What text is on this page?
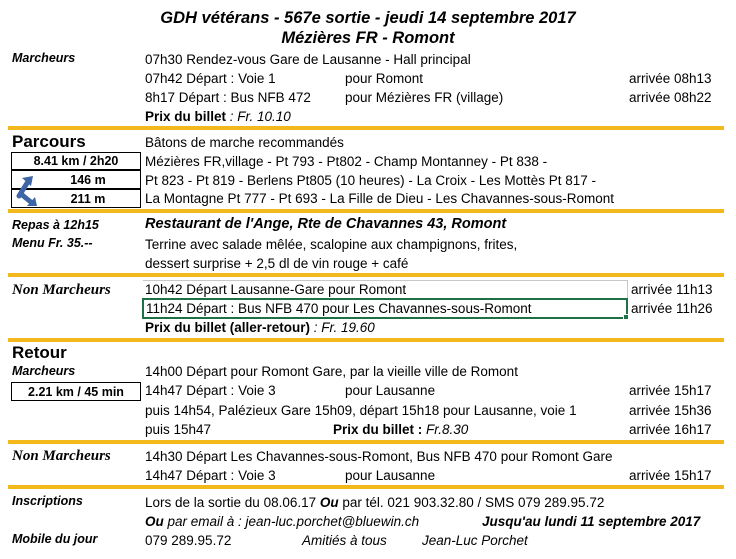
GDH vétérans - 567e sortie - jeudi 14 septembre 2017
Mézières FR - Romont
Marcheurs	07h30 Rendez-vous Gare de Lausanne - Hall principal
07h42 Départ : Voie 1	pour Romont	arrivée 08h13
8h17 Départ : Bus NFB 472	pour Mézières FR (village)	arrivée 08h22
Prix du billet : Fr. 10.10
Parcours	Bâtons de marche recommandés
8.41 km / 2h20
146 m
211 m
Mézières FR,village - Pt 793 - Pt802 - Champ Montanney - Pt 838 -
Pt 823 - Pt 819 - Berlens Pt805 (10 heures) - La Croix - Les Mottès Pt 817 -
La Montagne Pt 777 - Pt 693 - La Fille de Dieu - Les Chavannes-sous-Romont
Repas à 12h15
Menu Fr. 35.--
Restaurant de l'Ange, Rte de Chavannes 43, Romont
Terrine avec salade mêlée, scalopine aux champignons, frites,
dessert surprise + 2,5 dl de vin rouge + café
Non Marcheurs	10h42 Départ Lausanne-Gare pour Romont	arrivée 11h13
11h24 Départ : Bus NFB 470 pour Les Chavannes-sous-Romont	arrivée 11h26
Prix du billet (aller-retour) : Fr. 19.60
Retour
Marcheurs
2.21 km / 45 min
14h00 Départ pour Romont Gare, par la vieille ville de Romont
14h47 Départ : Voie 3	pour Lausanne	arrivée 15h17
puis 14h54, Palézieux Gare 15h09, départ 15h18 pour Lausanne, voie 1	arrivée 15h36
puis 15h47	Prix du billet : Fr.8.30	arrivée 16h17
Non Marcheurs	14h30 Départ Les Chavannes-sous-Romont, Bus NFB 470 pour Romont Gare
14h47 Départ : Voie 3	pour Lausanne	arrivée 15h17
Inscriptions	Lors de la sortie du 08.06.17 Ou par tél. 021 903.32.80 / SMS 079 289.95.72
Ou par email à : jean-luc.porchet@bluewin.ch	Jusqu'au lundi 11 septembre 2017
Mobile du jour	079 289.95.72	Amitiés à tous	Jean-Luc Porchet
